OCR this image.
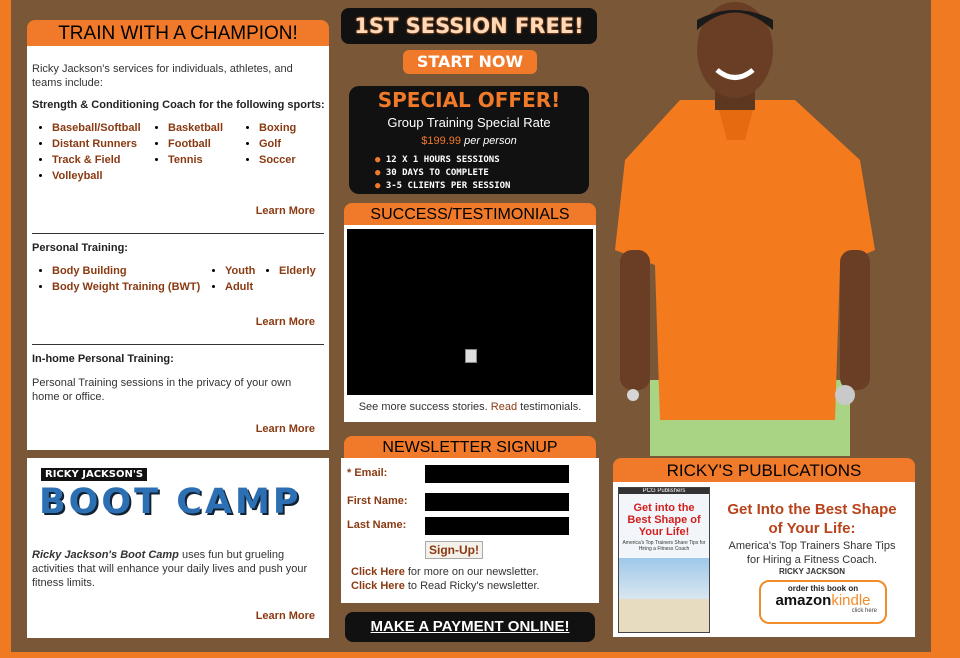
TRAIN WITH A CHAMPION!
Ricky Jackson's services for individuals, athletes, and teams include:
Strength & Conditioning Coach for the following sports:
• Baseball/Softball
• Distant Runners
• Track & Field
• Volleyball
• Basketball
• Football
• Tennis
• Boxing
• Golf
• Soccer
Learn More
Personal Training:
• Body Building
• Body Weight Training (BWT)
• Youth
• Adult
• Elderly
Learn More
In-home Personal Training:
Personal Training sessions in the privacy of your own home or office.
Learn More
RICKY JACKSON'S
BOOT CAMP
Ricky Jackson's Boot Camp uses fun but grueling activities that will enhance your daily lives and push your fitness limits.
Learn More
1ST SESSION FREE!
START NOW
SPECIAL OFFER!
Group Training Special Rate
$199.99 per person
● 12 X 1 HOURS SESSIONS
● 30 DAYS TO COMPLETE
● 3-5 CLIENTS PER SESSION
SUCCESS/TESTIMONIALS
See more success stories. Read testimonials.
NEWSLETTER SIGNUP
* Email:
First Name:
Last Name:
Sign-Up!
Click Here for more on our newsletter.
Click Here to Read Ricky's newsletter.
MAKE A PAYMENT ONLINE!
RICKY'S PUBLICATIONS
PCG Publishers
Get into the Best Shape of Your Life!
America's Top Trainers Share Tips for Hiring a Fitness Coach
Get Into the Best Shape of Your Life:
America's Top Trainers Share Tips for Hiring a Fitness Coach.
RICKY JACKSON
order this book on
amazonkindle
click here
